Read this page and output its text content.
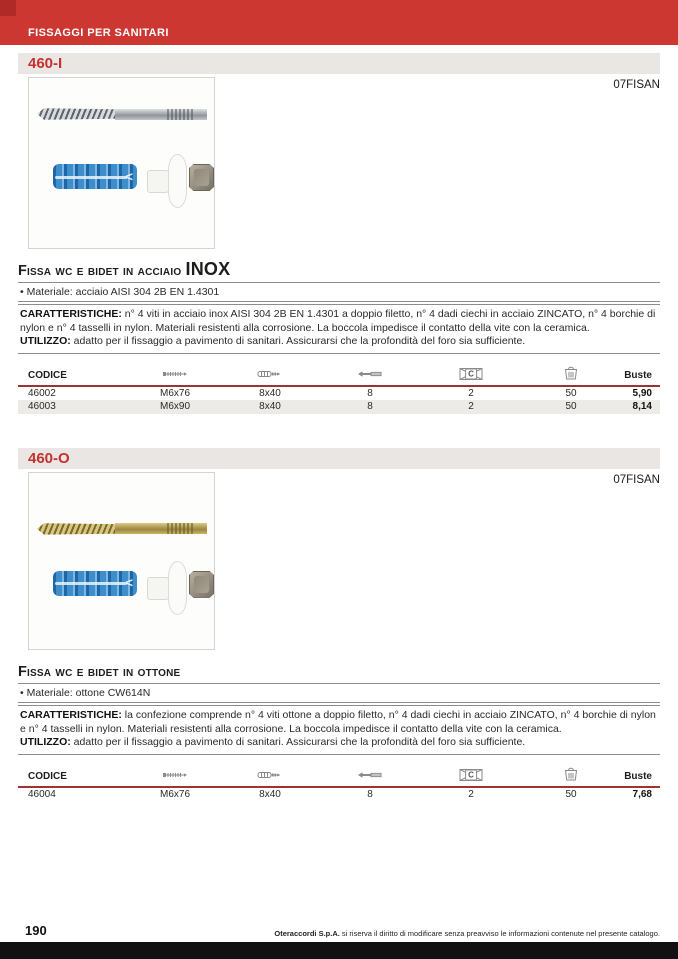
FISSAGGI PER SANITARI
460-I
<
07FISAN
Fissa wc e bidet in acciaio INOX
• Materiale: acciaio AISI 304 2B EN 1.4301
CARATTERISTICHE: n° 4 viti in acciaio inox AISI 304 2B EN 1.4301 a doppio filetto, n° 4 dadi ciechi in acciaio ZINCATO, n° 4 borchie di nylon e n° 4 tasselli in nylon. Materiali resistenti alla corrosione. La boccola impedisce il contatto della vite con la ceramica.
UTILIZZO: adatto per il fissaggio a pavimento di sanitari. Assicurarsi che la profondità del foro sia sufficiente.
CODICE				C		Buste
46002	M6x76	8x40	8	2	50	5,90
46003	M6x90	8x40	8	2	50	8,14
460-O
<
07FISAN
Fissa wc e bidet in ottone
• Materiale: ottone CW614N
CARATTERISTICHE: la confezione comprende n° 4 viti ottone a doppio filetto, n° 4 dadi ciechi in acciaio ZINCATO, n° 4 borchie di nylon e n° 4 tasselli in nylon. Materiali resistenti alla corrosione. La boccola impedisce il contatto della vite con la ceramica.
UTILIZZO: adatto per il fissaggio a pavimento di sanitari. Assicurarsi che la profondità del foro sia sufficiente.
CODICE				C		Buste
46004	M6x76	8x40	8	2	50	7,68
190	Oteraccordi S.p.A. si riserva il diritto di modificare senza preavviso le informazioni contenute nel presente catalogo.
